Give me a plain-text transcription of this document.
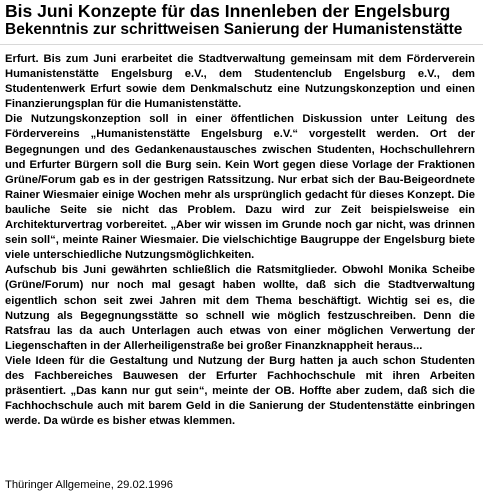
Bis Juni Konzepte für das Innenleben der Engelsburg
Bekenntnis zur schrittweisen Sanierung der Humanistenstätte

Erfurt. Bis zum Juni erarbeitet die Stadtverwaltung gemeinsam mit dem Förderverein Humanistenstätte Engelsburg e.V., dem Studentenclub Engelsburg e.V., dem Studentenwerk Erfurt sowie dem Denkmalschutz eine Nutzungskonzeption und einen Finanzierungsplan für die Humanistenstätte.

Die Nutzungskonzeption soll in einer öffentlichen Diskussion unter Leitung des Fördervereins „Humanistenstätte Engelsburg e.V.“ vorgestellt werden. Ort der Begegnungen und des Gedankenaustausches zwischen Studenten, Hochschullehrern und Erfurter Bürgern soll die Burg sein. Kein Wort gegen diese Vorlage der Fraktionen Grüne/Forum gab es in der gestrigen Ratssitzung. Nur erbat sich der Bau-Beigeordnete Rainer Wiesmaier einige Wochen mehr als ursprünglich gedacht für dieses Konzept. Die bauliche Seite sie nicht das Problem. Dazu wird zur Zeit beispielsweise ein Architekturvertrag vorbereitet. „Aber wir wissen im Grunde noch gar nicht, was drinnen sein soll“, meinte Rainer Wiesmaier. Die vielschichtige Baugruppe der Engelsburg biete viele unterschiedliche Nutzungsmöglichkeiten.

Aufschub bis Juni gewährten schließlich die Ratsmitglieder. Obwohl Monika Scheibe (Grüne/Forum) nur noch mal gesagt haben wollte, daß sich die Stadtverwaltung eigentlich schon seit zwei Jahren mit dem Thema beschäftigt. Wichtig sei es, die Nutzung als Begegnungsstätte so schnell wie möglich festzuschreiben. Denn die Ratsfrau las da auch Unterlagen auch etwas von einer möglichen Verwertung der Liegenschaften in der Allerheiligenstraße bei großer Finanzknappheit heraus...

Viele Ideen für die Gestaltung und Nutzung der Burg hatten ja auch schon Studenten des Fachbereiches Bauwesen der Erfurter Fachhochschule mit ihren Arbeiten präsentiert. „Das kann nur gut sein“, meinte der OB. Hoffte aber zudem, daß sich die Fachhochschule auch mit barem Geld in die Sanierung der Studentenstätte einbringen werde. Da würde es bisher etwas klemmen.

Thüringer Allgemeine, 29.02.1996
